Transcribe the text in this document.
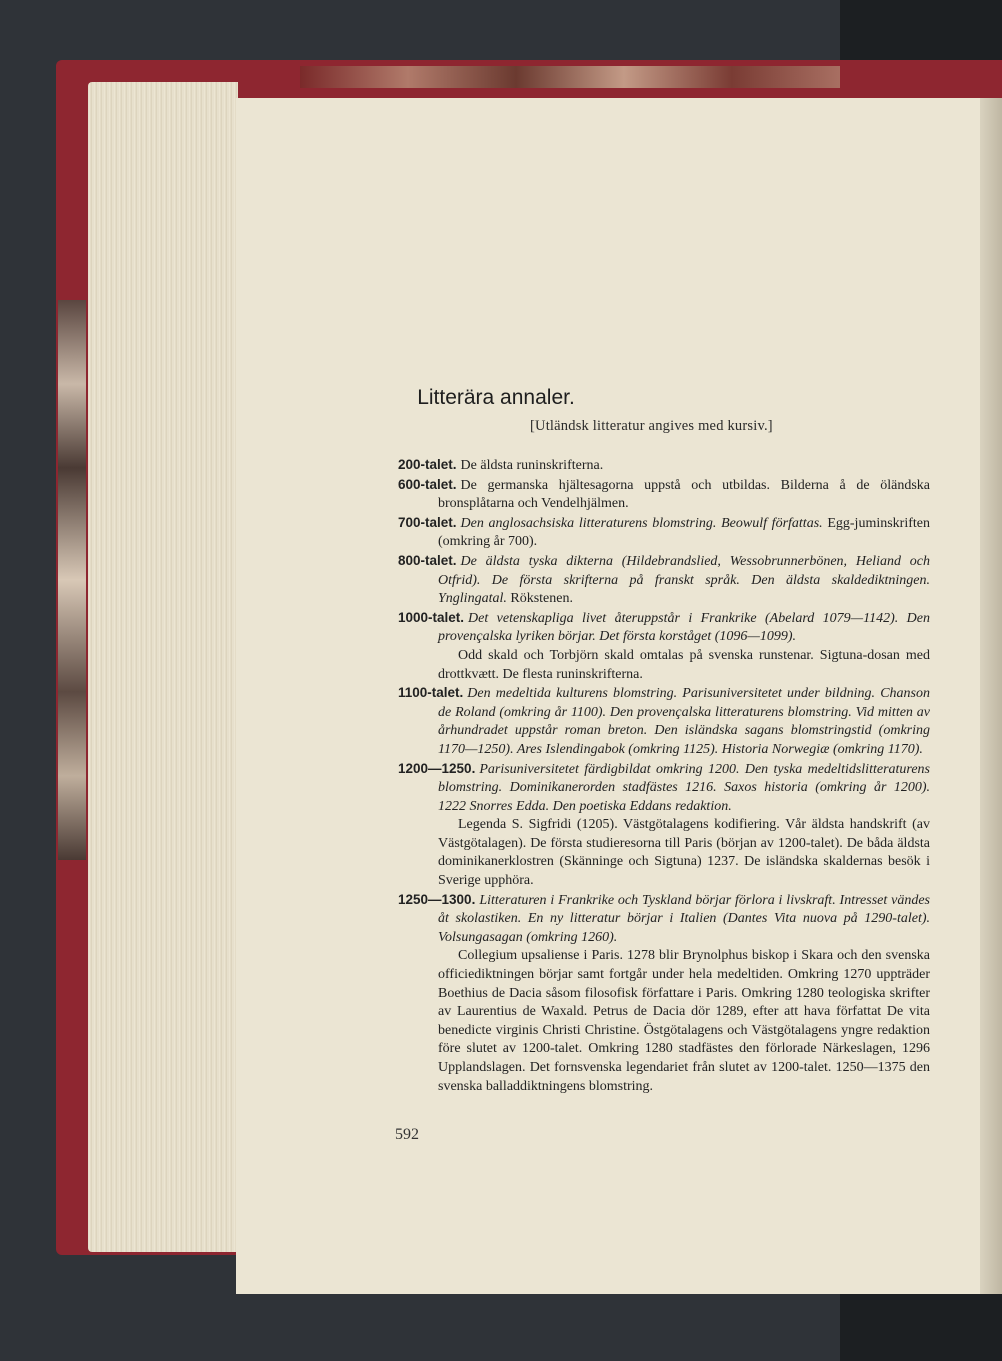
Litterära annaler.
[Utländsk litteratur angives med kursiv.]

200-talet. De äldsta runinskrifterna.

600-talet. De germanska hjältesagorna uppstå och utbildas. Bilderna å de öländska bronsplåtarna och Vendelhjälmen.

700-talet. Den anglosachsiska litteraturens blomstring. Beowulf författas. Egg-juminskriften (omkring år 700).

800-talet. De äldsta tyska dikterna (Hildebrandslied, Wessobrunnerbönen, Heliand och Otfrid). De första skrifterna på franskt språk. Den äldsta skaldediktningen. Ynglingatal. Rökstenen.

1000-talet. Det vetenskapliga livet återuppstår i Frankrike (Abelard 1079—1142). Den provençalska lyriken börjar. Det första korståget (1096—1099).

Odd skald och Torbjörn skald omtalas på svenska runstenar. Sigtuna-dosan med drottkvætt. De flesta runinskrifterna.

1100-talet. Den medeltida kulturens blomstring. Parisuniversitetet under bildning. Chanson de Roland (omkring år 1100). Den provençalska litteraturens blomstring. Vid mitten av århundradet uppstår roman breton. Den isländska sagans blomstringstid (omkring 1170—1250). Ares Islendingabok (omkring 1125). Historia Norwegiæ (omkring 1170).

1200—1250. Parisuniversitetet färdigbildat omkring 1200. Den tyska medeltidslitteraturens blomstring. Dominikanerorden stadfästes 1216. Saxos historia (omkring år 1200). 1222 Snorres Edda. Den poetiska Eddans redaktion.

Legenda S. Sigfridi (1205). Västgötalagens kodifiering. Vår äldsta handskrift (av Västgötalagen). De första studieresorna till Paris (början av 1200-talet). De båda äldsta dominikanerklostren (Skänninge och Sigtuna) 1237. De isländska skaldernas besök i Sverige upphöra.

1250—1300. Litteraturen i Frankrike och Tyskland börjar förlora i livskraft. Intresset vändes åt skolastiken. En ny litteratur börjar i Italien (Dantes Vita nuova på 1290-talet). Volsungasagan (omkring 1260).

Collegium upsaliense i Paris. 1278 blir Brynolphus biskop i Skara och den svenska officiediktningen börjar samt fortgår under hela medeltiden. Omkring 1270 uppträder Boethius de Dacia såsom filosofisk författare i Paris. Omkring 1280 teologiska skrifter av Laurentius de Waxald. Petrus de Dacia dör 1289, efter att hava författat De vita benedicte virginis Christi Christine. Östgötalagens och Västgötalagens yngre redaktion före slutet av 1200-talet. Omkring 1280 stadfästes den förlorade Närkeslagen, 1296 Upplandslagen. Det fornsvenska legendariet från slutet av 1200-talet. 1250—1375 den svenska balladdiktningens blomstring.

592
